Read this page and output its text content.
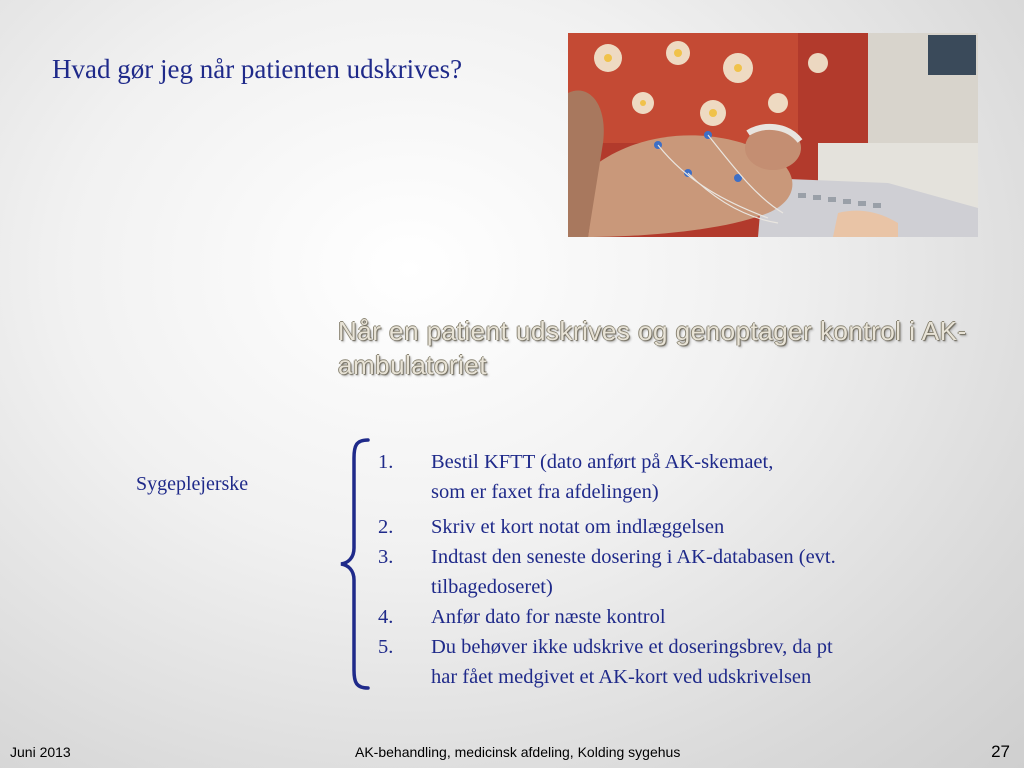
Hvad gør jeg når patienten udskrives?
Når en patient udskrives og genoptager kontrol i AK-ambulatoriet
Sygeplejerske
1. Bestil KFTT (dato anført på AK-skemaet,
som er faxet fra afdelingen)
2. Skriv et kort notat om indlæggelsen
3. Indtast den seneste dosering i AK-databasen (evt.
tilbagedoseret)
4. Anfør dato for næste kontrol
5. Du behøver ikke udskrive et doseringsbrev, da pt
har fået medgivet et AK-kort ved udskrivelsen
Juni 2013	AK-behandling, medicinsk afdeling, Kolding sygehus	27
